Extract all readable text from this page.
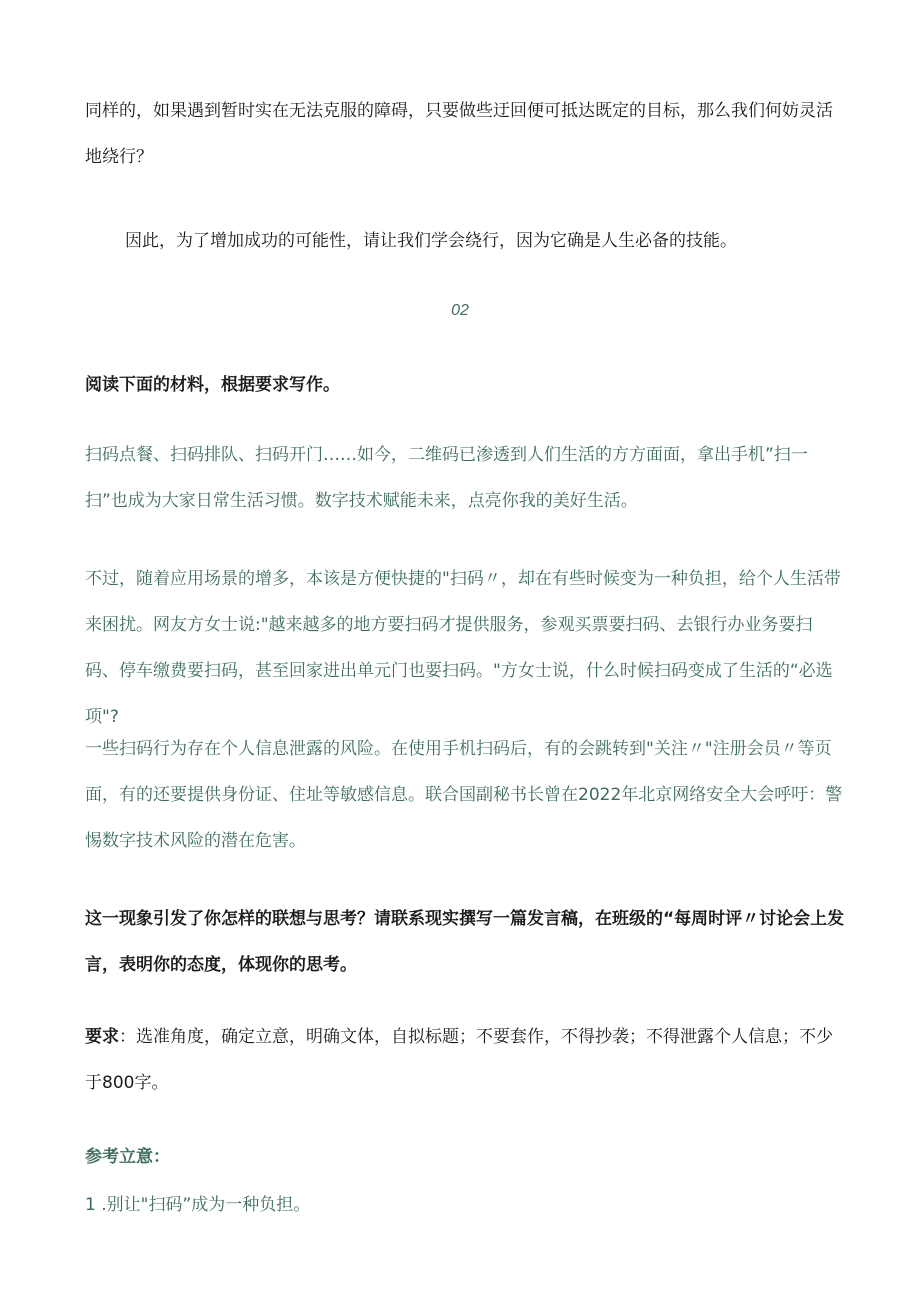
同样的，如果遇到暂时实在无法克服的障碍，只要做些迂回便可抵达既定的目标，那么我们何妨灵活地绕行？

因此，为了增加成功的可能性，请让我们学会绕行，因为它确是人生必备的技能。

02

阅读下面的材料，根据要求写作。

扫码点餐、扫码排队、扫码开门……如今，二维码已渗透到人们生活的方方面面，拿出手机”扫一扫”也成为大家日常生活习惯。数字技术赋能未来，点亮你我的美好生活。

不过，随着应用场景的增多，本该是方便快捷的"扫码〃，却在有些时候变为一种负担，给个人生活带来困扰。网友方女士说:"越来越多的地方要扫码才提供服务，参观买票要扫码、去银行办业务要扫码、停车缴费要扫码，甚至回家进出单元门也要扫码。"方女士说，什么时候扫码变成了生活的“必选项"?

一些扫码行为存在个人信息泄露的风险。在使用手机扫码后，有的会跳转到"关注〃"注册会员〃等页面，有的还要提供身份证、住址等敏感信息。联合国副秘书长曾在2022年北京网络安全大会呼吁：警惕数字技术风险的潜在危害。

这一现象引发了你怎样的联想与思考？请联系现实撰写一篇发言稿，在班级的“每周时评〃讨论会上发言，表明你的态度，体现你的思考。

要求：选准角度，确定立意，明确文体，自拟标题；不要套作，不得抄袭；不得泄露个人信息；不少于800字。

参考立意：

1 .别让"扫码”成为一种负担。
